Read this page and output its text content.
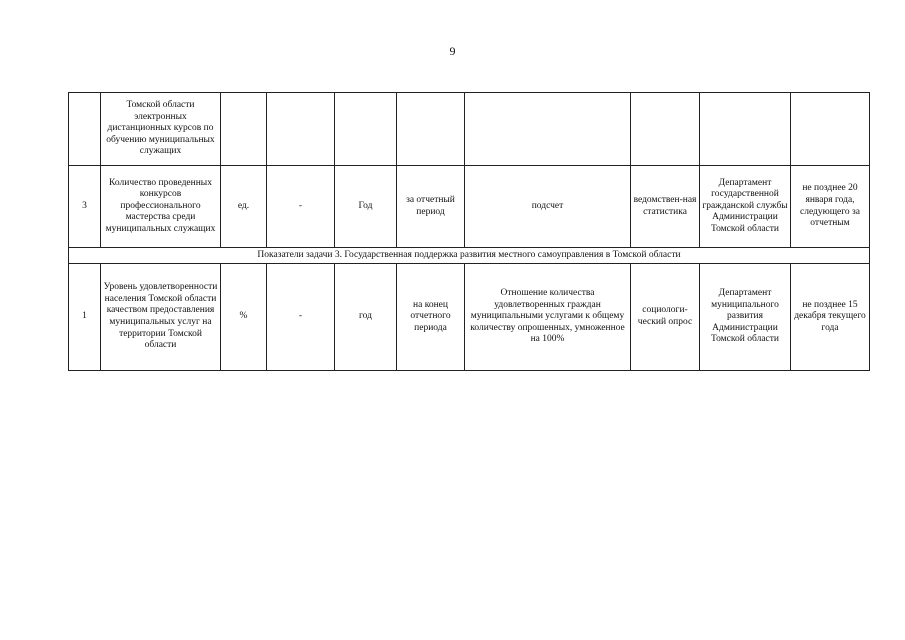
9
	Томской области электронных дистанционных курсов по обучению муниципальных служащих								
3	Количество проведенных конкурсов профессионального мастерства среди муниципальных служащих	ед.	-	Год	за отчетный период	подсчет	ведомствен-ная статистика	Департамент государственной гражданской службы Администрации Томской области	не позднее 20 января года, следующего за отчетным
Показатели задачи 3. Государственная поддержка развития местного самоуправления в Томской области									
1	Уровень удовлетворенности населения Томской области качеством предоставления муниципальных услуг на территории Томской области	%	-	год	на конец отчетного периода	Отношение количества удовлетворенных граждан муниципальными услугами к общему количеству опрошенных, умноженное на 100%	социологи-ческий опрос	Департамент муниципального развития Администрации Томской области	не позднее 15 декабря текущего года
